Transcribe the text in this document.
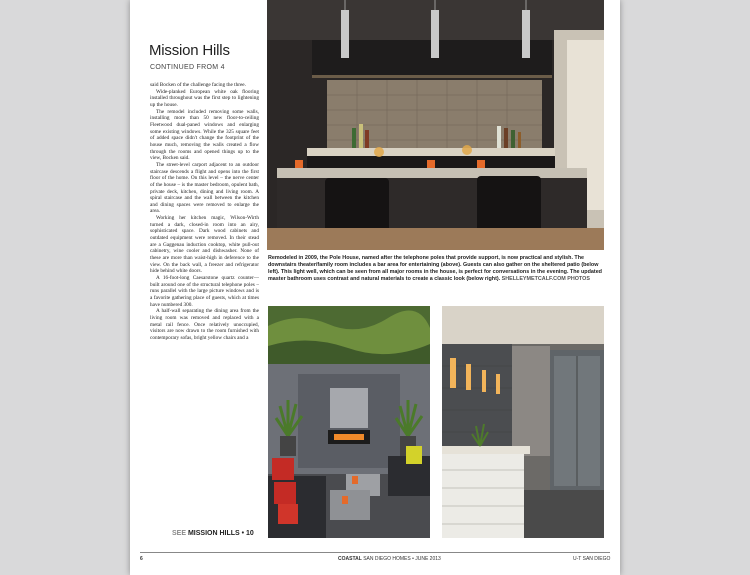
Mission Hills
CONTINUED FROM 4

said Bocken of the challenge facing the three.

Wide-planked European white oak flooring installed throughout was the first step to lightening up the house.

The remodel included removing some walls, installing more than 50 new floor-to-ceiling Fleetwood dual-paned windows and enlarging some existing windows. While the 325 square feet of added space didn't change the footprint of the house much, removing the walls created a flow through the rooms and opened things up to the view, Bocken said.

The street-level carport adjacent to an outdoor staircase descends a flight and opens into the first floor of the home. On this level – the nerve center of the house – is the master bedroom, opulent bath, private deck, kitchen, dining and living room. A spiral staircase and the wall between the kitchen and dining spaces were removed to enlarge the area.

Working her kitchen magic, Wilson-Wirth turned a dark, closed-in room into an airy, sophisticated space. Dark wood cabinets and outdated equipment were removed. In their stead are a Gaggenau induction cooktop, white pull-out cabinetry, wine cooler and dishwasher. None of these are more than waist-high in deference to the view. On the back wall, a freezer and refrigerator hide behind white doors.

A 16-foot-long Caesarstone quartz counter—built around one of the structural telephone poles – runs parallel with the large picture windows and is a favorite gathering place of guests, which at times have numbered 300.

A half-wall separating the dining area from the living room was removed and replaced with a metal rail fence. Once relatively unoccupied, visitors are now drawn to the room furnished with contemporary sofas, bright yellow chairs and a

SEE MISSION HILLS • 10
Remodeled in 2009, the Pole House, named after the telephone poles that provide support, is now practical and stylish. The downstairs theater/family room includes a bar area for entertaining (above). Guests can also gather on the sheltered patio (below left). This light well, which can be seen from all major rooms in the house, is perfect for conversations in the evening. The updated master bathroom uses contrast and natural materials to create a classic look (below right). SHELLEYMETCALF.COM PHOTOS
6	COASTAL SAN DIEGO HOMES • JUNE 2013	U-T SAN DIEGO
